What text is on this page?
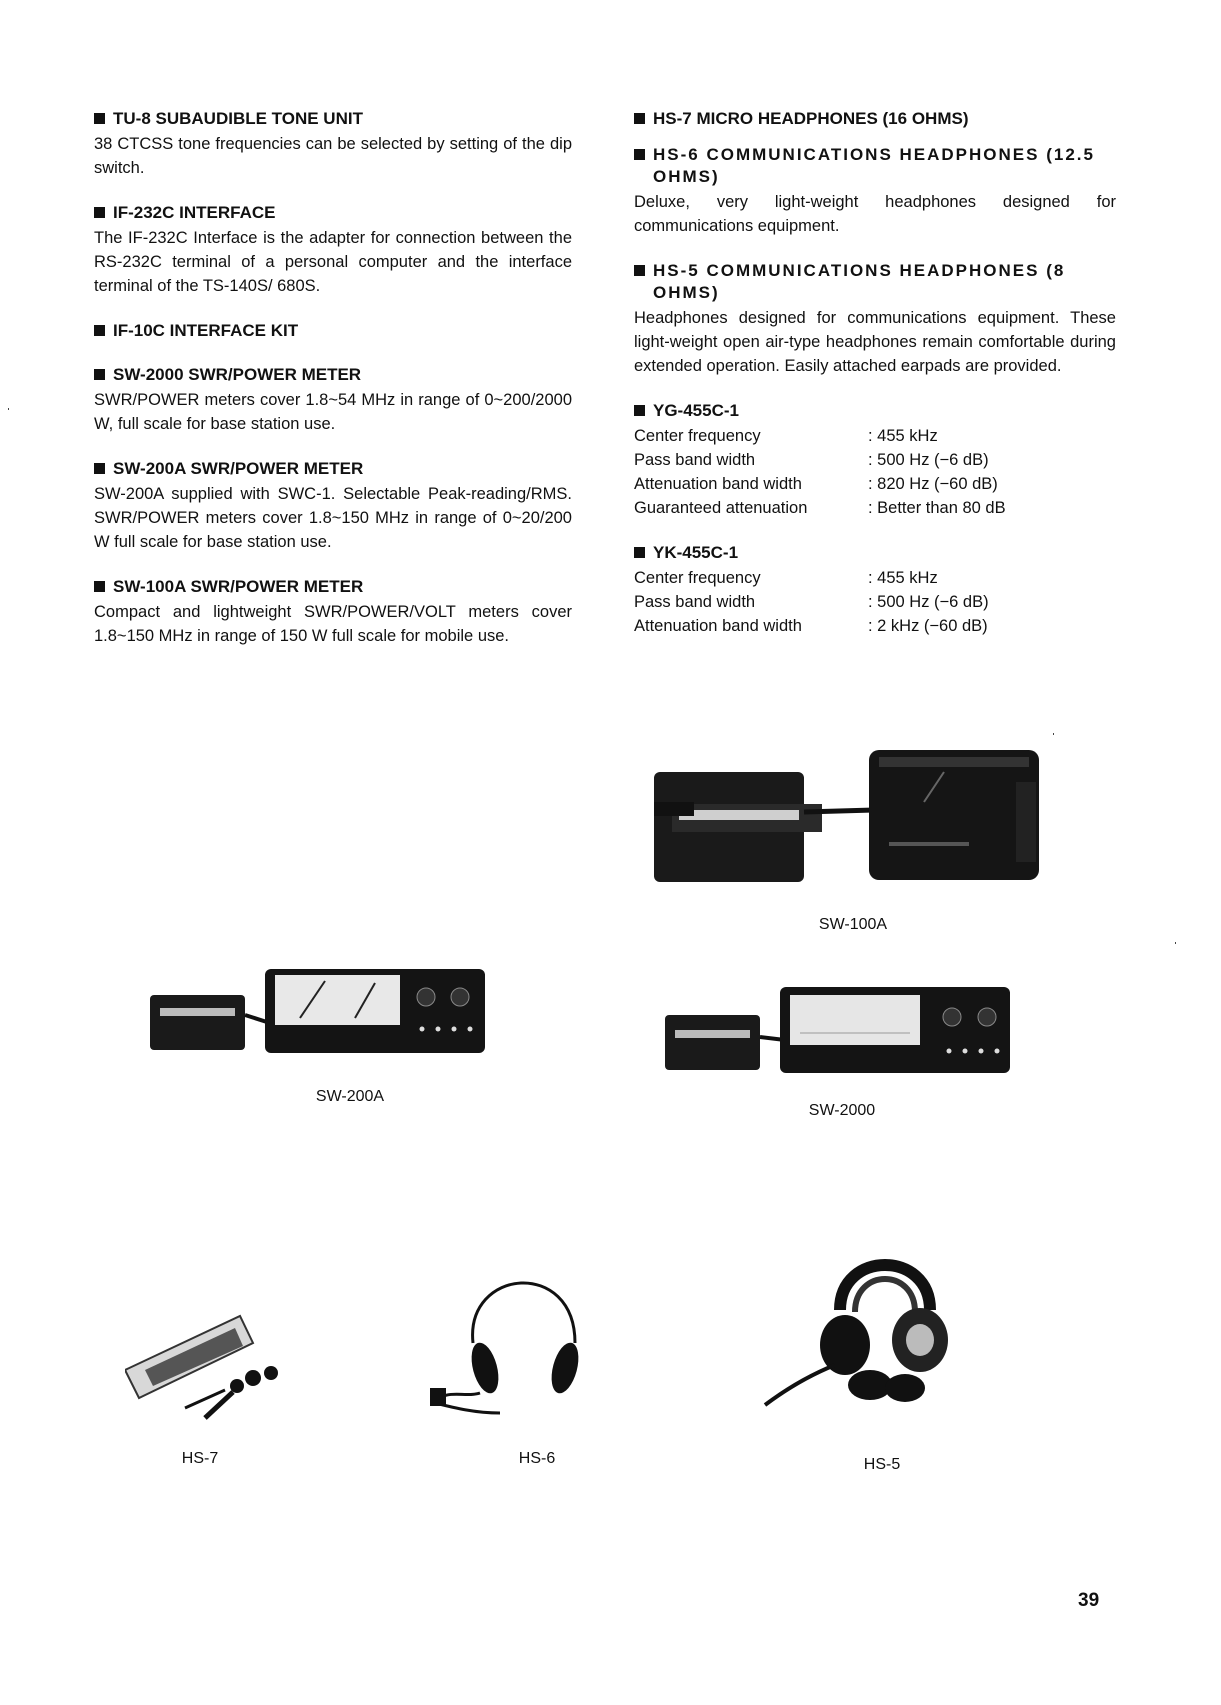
TU-8 SUBAUDIBLE TONE UNIT

38 CTCSS tone frequencies can be selected by setting of the dip switch.

IF-232C INTERFACE

The IF-232C Interface is the adapter for connection between the RS-232C terminal of a personal computer and the interface terminal of the TS-140S/ 680S.

IF-10C INTERFACE KIT

SW-2000 SWR/POWER METER

SWR/POWER meters cover 1.8~54 MHz in range of 0~200/2000 W, full scale for base station use.

SW-200A SWR/POWER METER

SW-200A supplied with SWC-1. Selectable Peak-reading/RMS. SWR/POWER meters cover 1.8~150 MHz in range of 0~20/200 W full scale for base station use.

SW-100A SWR/POWER METER

Compact and lightweight SWR/POWER/VOLT meters cover 1.8~150 MHz in range of 150 W full scale for mobile use.

HS-7 MICRO HEADPHONES (16 OHMS)

HS-6 COMMUNICATIONS HEADPHONES (12.5 OHMS)

Deluxe, very light-weight headphones designed for communications equipment.

HS-5 COMMUNICATIONS HEADPHONES (8 OHMS)

Headphones designed for communications equipment. These light-weight open air-type headphones remain comfortable during extended operation. Easily attached earpads are provided.

YG-455C-1

Center frequency	: 455 kHz
Pass band width	: 500 Hz (−6 dB)
Attenuation band width	: 820 Hz (−60 dB)
Guaranteed attenuation	: Better than 80 dB

YK-455C-1

Center frequency	: 455 kHz
Pass band width	: 500 Hz (−6 dB)
Attenuation band width	: 2 kHz (−60 dB)
SW-100A
SW-200A
SW-2000
HS-7	HS-6	HS-5
39
